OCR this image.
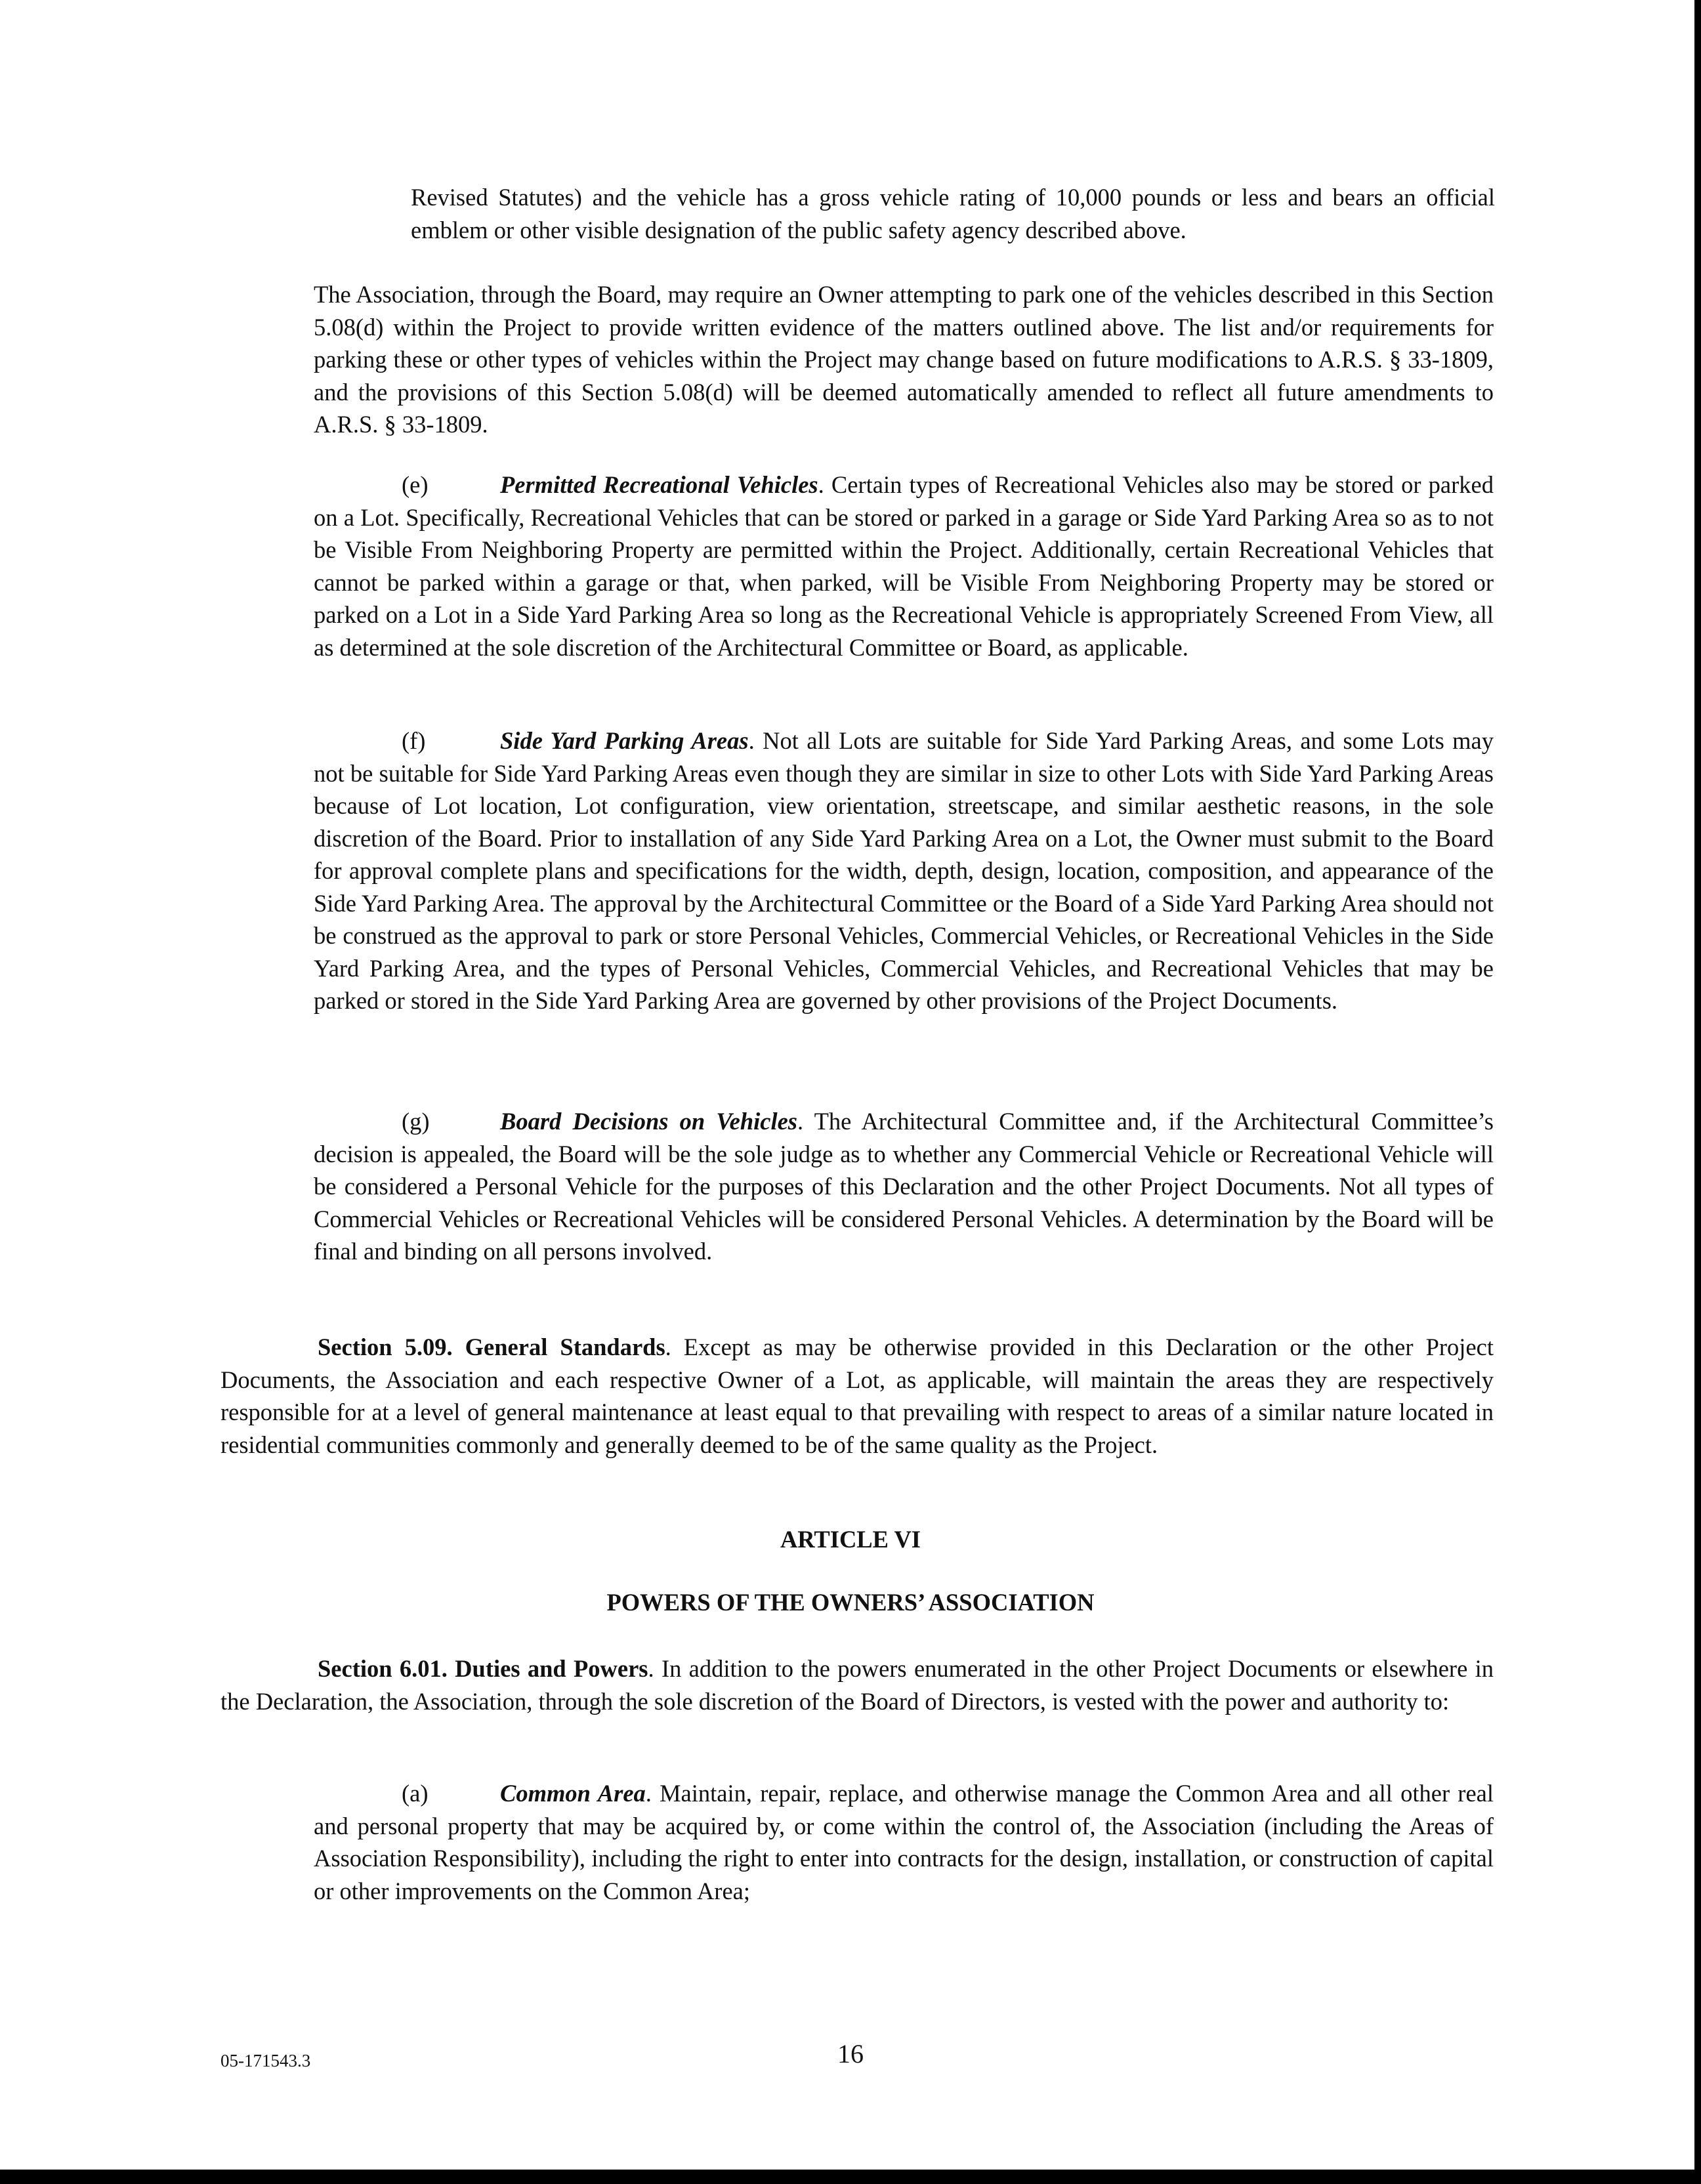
Revised Statutes) and the vehicle has a gross vehicle rating of 10,000 pounds or less and bears an official emblem or other visible designation of the public safety agency described above.

The Association, through the Board, may require an Owner attempting to park one of the vehicles described in this Section 5.08(d) within the Project to provide written evidence of the matters outlined above. The list and/or requirements for parking these or other types of vehicles within the Project may change based on future modifications to A.R.S. § 33-1809, and the provisions of this Section 5.08(d) will be deemed automatically amended to reflect all future amendments to A.R.S. § 33-1809.

(e)	Permitted Recreational Vehicles. Certain types of Recreational Vehicles also may be stored or parked on a Lot. Specifically, Recreational Vehicles that can be stored or parked in a garage or Side Yard Parking Area so as to not be Visible From Neighboring Property are permitted within the Project. Additionally, certain Recreational Vehicles that cannot be parked within a garage or that, when parked, will be Visible From Neighboring Property may be stored or parked on a Lot in a Side Yard Parking Area so long as the Recreational Vehicle is appropriately Screened From View, all as determined at the sole discretion of the Architectural Committee or Board, as applicable.

(f)	Side Yard Parking Areas. Not all Lots are suitable for Side Yard Parking Areas, and some Lots may not be suitable for Side Yard Parking Areas even though they are similar in size to other Lots with Side Yard Parking Areas because of Lot location, Lot configuration, view orientation, streetscape, and similar aesthetic reasons, in the sole discretion of the Board. Prior to installation of any Side Yard Parking Area on a Lot, the Owner must submit to the Board for approval complete plans and specifications for the width, depth, design, location, composition, and appearance of the Side Yard Parking Area. The approval by the Architectural Committee or the Board of a Side Yard Parking Area should not be construed as the approval to park or store Personal Vehicles, Commercial Vehicles, or Recreational Vehicles in the Side Yard Parking Area, and the types of Personal Vehicles, Commercial Vehicles, and Recreational Vehicles that may be parked or stored in the Side Yard Parking Area are governed by other provisions of the Project Documents.

(g)	Board Decisions on Vehicles. The Architectural Committee and, if the Architectural Committee’s decision is appealed, the Board will be the sole judge as to whether any Commercial Vehicle or Recreational Vehicle will be considered a Personal Vehicle for the purposes of this Declaration and the other Project Documents. Not all types of Commercial Vehicles or Recreational Vehicles will be considered Personal Vehicles. A determination by the Board will be final and binding on all persons involved.

Section 5.09. General Standards. Except as may be otherwise provided in this Declaration or the other Project Documents, the Association and each respective Owner of a Lot, as applicable, will maintain the areas they are respectively responsible for at a level of general maintenance at least equal to that prevailing with respect to areas of a similar nature located in residential communities commonly and generally deemed to be of the same quality as the Project.

ARTICLE VI
POWERS OF THE OWNERS’ ASSOCIATION

Section 6.01. Duties and Powers. In addition to the powers enumerated in the other Project Documents or elsewhere in the Declaration, the Association, through the sole discretion of the Board of Directors, is vested with the power and authority to:

(a)	Common Area. Maintain, repair, replace, and otherwise manage the Common Area and all other real and personal property that may be acquired by, or come within the control of, the Association (including the Areas of Association Responsibility), including the right to enter into contracts for the design, installation, or construction of capital or other improvements on the Common Area;

05-171543.3	16
